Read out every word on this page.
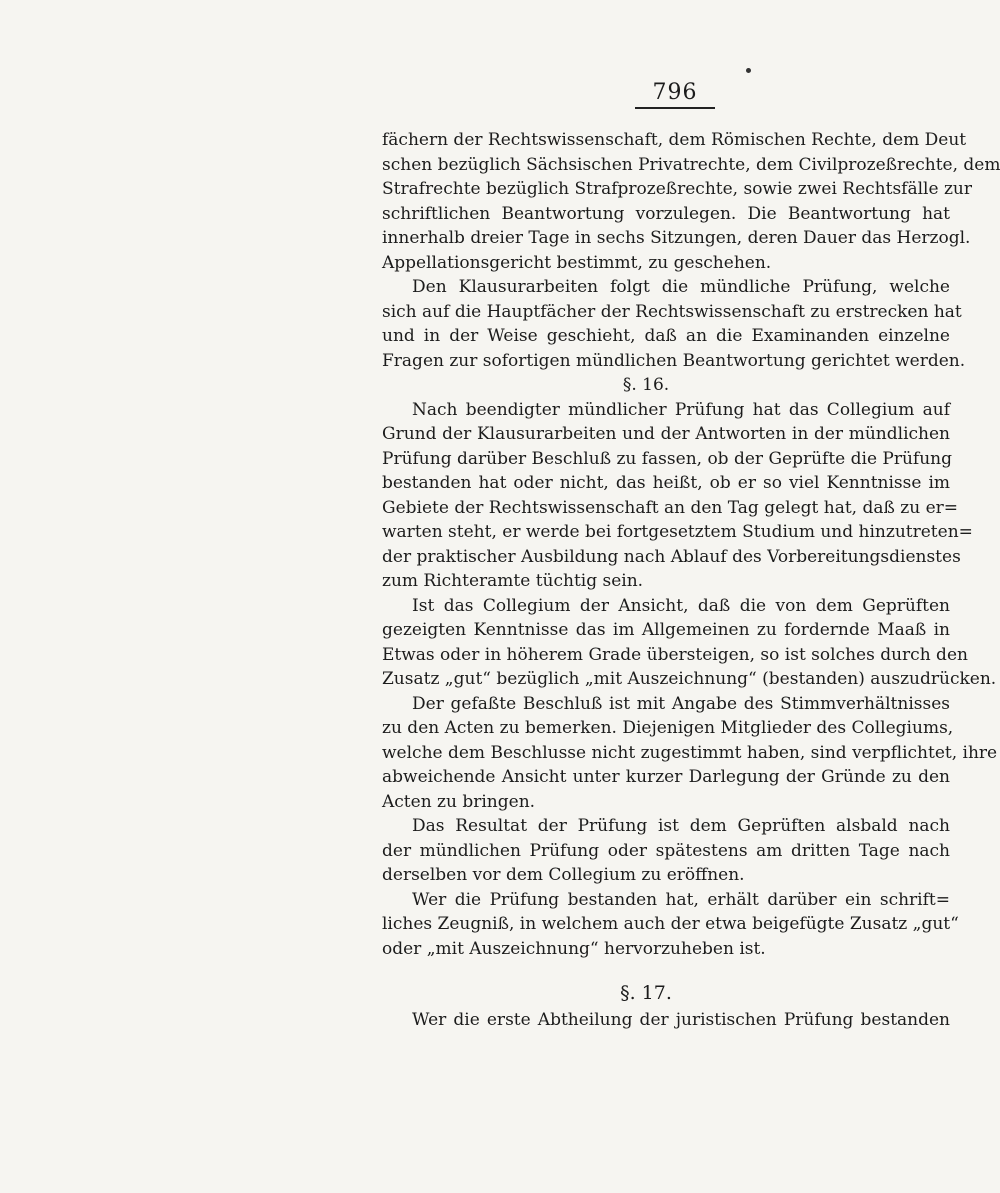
796
fächern der Rechtswissenschaft, dem Römischen Rechte, dem Deut
schen bezüglich Sächsischen Privatrechte, dem Civilprozeßrechte, dem
Strafrechte bezüglich Strafprozeßrechte, sowie zwei Rechtsfälle zur
schriftlichen Beantwortung vorzulegen. Die Beantwortung hat
innerhalb dreier Tage in sechs Sitzungen, deren Dauer das Herzogl.
Appellationsgericht bestimmt, zu geschehen.
Den Klausurarbeiten folgt die mündliche Prüfung, welche
sich auf die Hauptfächer der Rechtswissenschaft zu erstrecken hat
und in der Weise geschieht, daß an die Examinanden einzelne
Fragen zur sofortigen mündlichen Beantwortung gerichtet werden.
§. 16.
Nach beendigter mündlicher Prüfung hat das Collegium auf
Grund der Klausurarbeiten und der Antworten in der mündlichen
Prüfung darüber Beschluß zu fassen, ob der Geprüfte die Prüfung
bestanden hat oder nicht, das heißt, ob er so viel Kenntnisse im
Gebiete der Rechtswissenschaft an den Tag gelegt hat, daß zu er=
warten steht, er werde bei fortgesetztem Studium und hinzutreten=
der praktischer Ausbildung nach Ablauf des Vorbereitungsdienstes
zum Richteramte tüchtig sein.
Ist das Collegium der Ansicht, daß die von dem Geprüften
gezeigten Kenntnisse das im Allgemeinen zu fordernde Maaß in
Etwas oder in höherem Grade übersteigen, so ist solches durch den
Zusatz „gut“ bezüglich „mit Auszeichnung“ (bestanden) auszudrücken.
Der gefaßte Beschluß ist mit Angabe des Stimmverhältnisses
zu den Acten zu bemerken. Diejenigen Mitglieder des Collegiums,
welche dem Beschlusse nicht zugestimmt haben, sind verpflichtet, ihre
abweichende Ansicht unter kurzer Darlegung der Gründe zu den
Acten zu bringen.
Das Resultat der Prüfung ist dem Geprüften alsbald nach
der mündlichen Prüfung oder spätestens am dritten Tage nach
derselben vor dem Collegium zu eröffnen.
Wer die Prüfung bestanden hat, erhält darüber ein schrift=
liches Zeugniß, in welchem auch der etwa beigefügte Zusatz „gut“
oder „mit Auszeichnung“ hervorzuheben ist.
§. 17.
Wer die erste Abtheilung der juristischen Prüfung bestanden
